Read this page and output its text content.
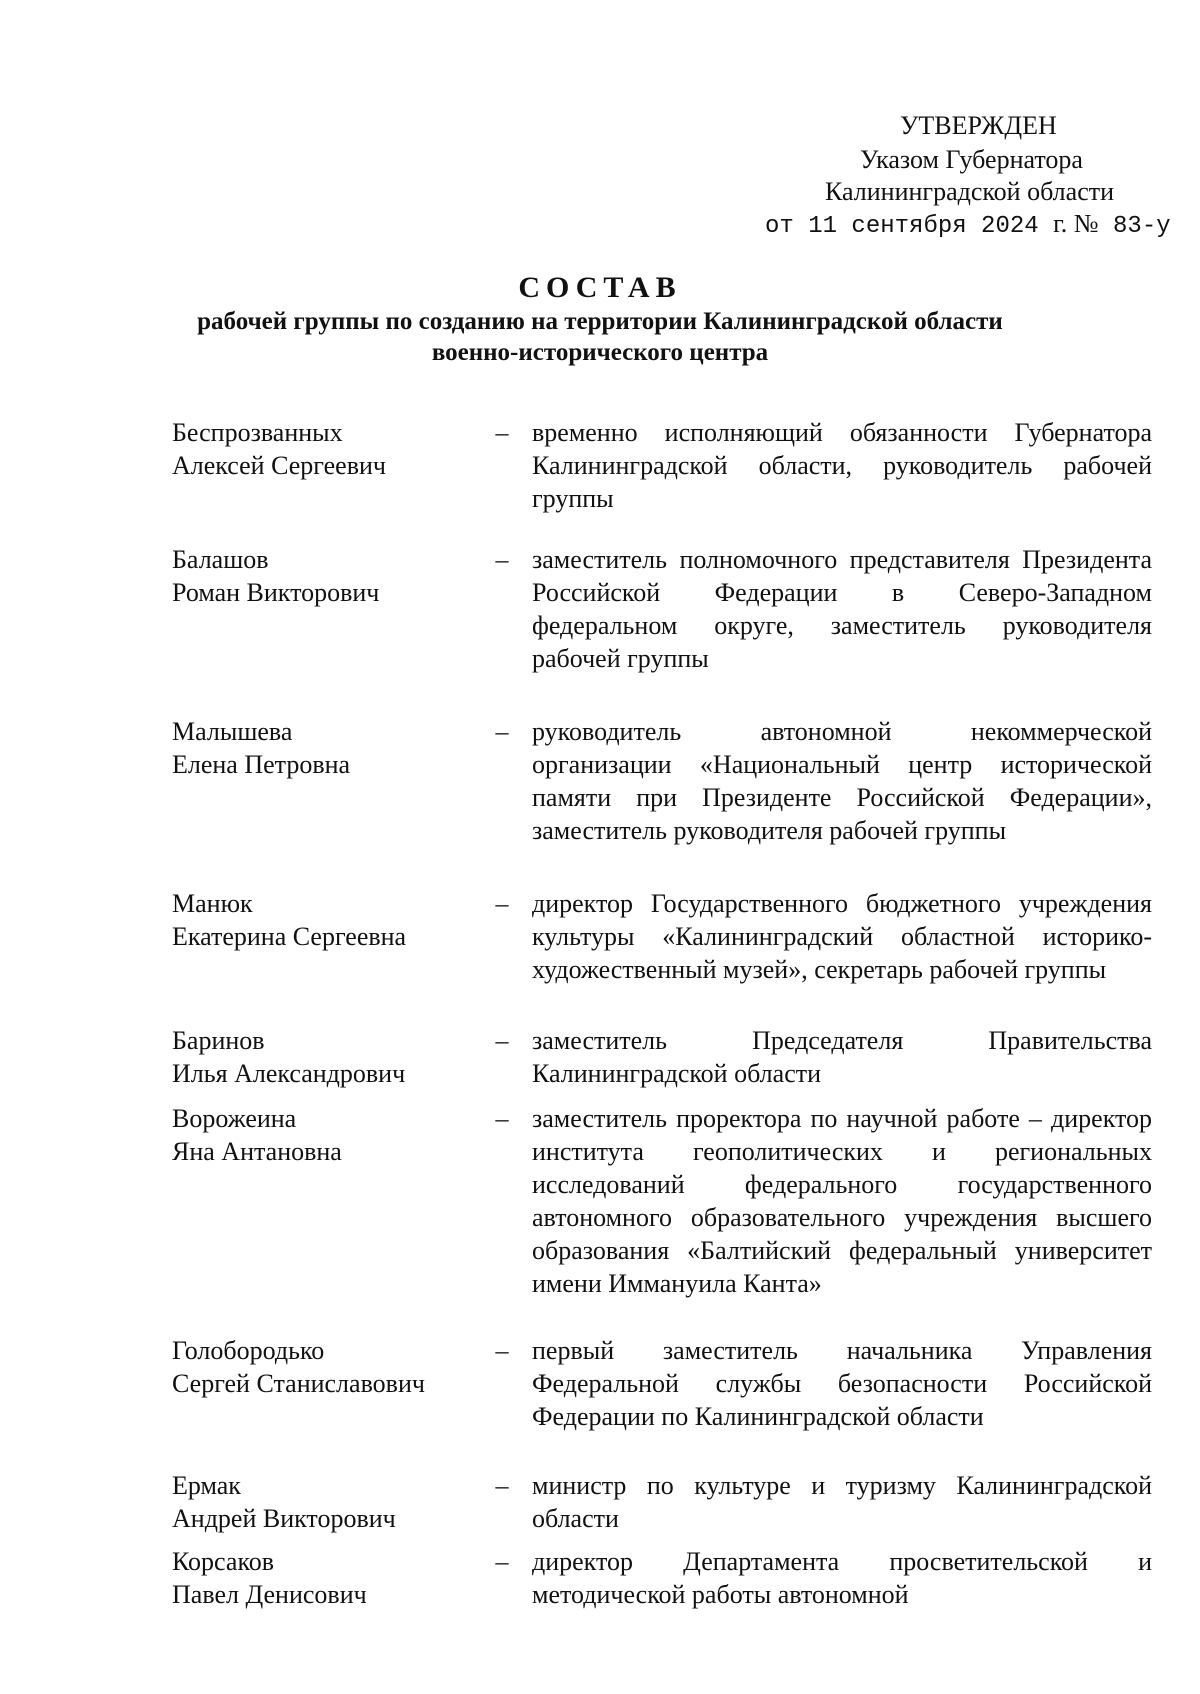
УТВЕРЖДЕН
Указом Губернатора
Калининградской области
от 11 сентября 2024 г. № 83-у
СОСТАВ
рабочей группы по созданию на территории Калининградской области
военно-исторического центра
Беспрозванных
Алексей Сергеевич
– временно исполняющий обязанности Губернатора Калининградской области, руководитель рабочей группы
Балашов
Роман Викторович
– заместитель полномочного представителя Президента Российской Федерации в Северо-Западном федеральном округе, заместитель руководителя рабочей группы
Малышева
Елена Петровна
– руководитель автономной некоммерческой организации «Национальный центр исторической памяти при Президенте Российской Федерации», заместитель руководителя рабочей группы
Манюк
Екатерина Сергеевна
– директор Государственного бюджетного учреждения культуры «Калининградский областной историко-художественный музей», секретарь рабочей группы
Баринов
Илья Александрович
– заместитель Председателя Правительства Калининградской области
Ворожеина
Яна Антановна
– заместитель проректора по научной работе – директор института геополитических и региональных исследований федерального государственного автономного образовательного учреждения высшего образования «Балтийский федеральный университет имени Иммануила Канта»
Голобородько
Сергей Станиславович
– первый заместитель начальника Управления Федеральной службы безопасности Российской Федерации по Калининградской области
Ермак
Андрей Викторович
– министр по культуре и туризму Калининградской области
Корсаков
Павел Денисович
– директор Департамента просветительской и методической работы автономной
